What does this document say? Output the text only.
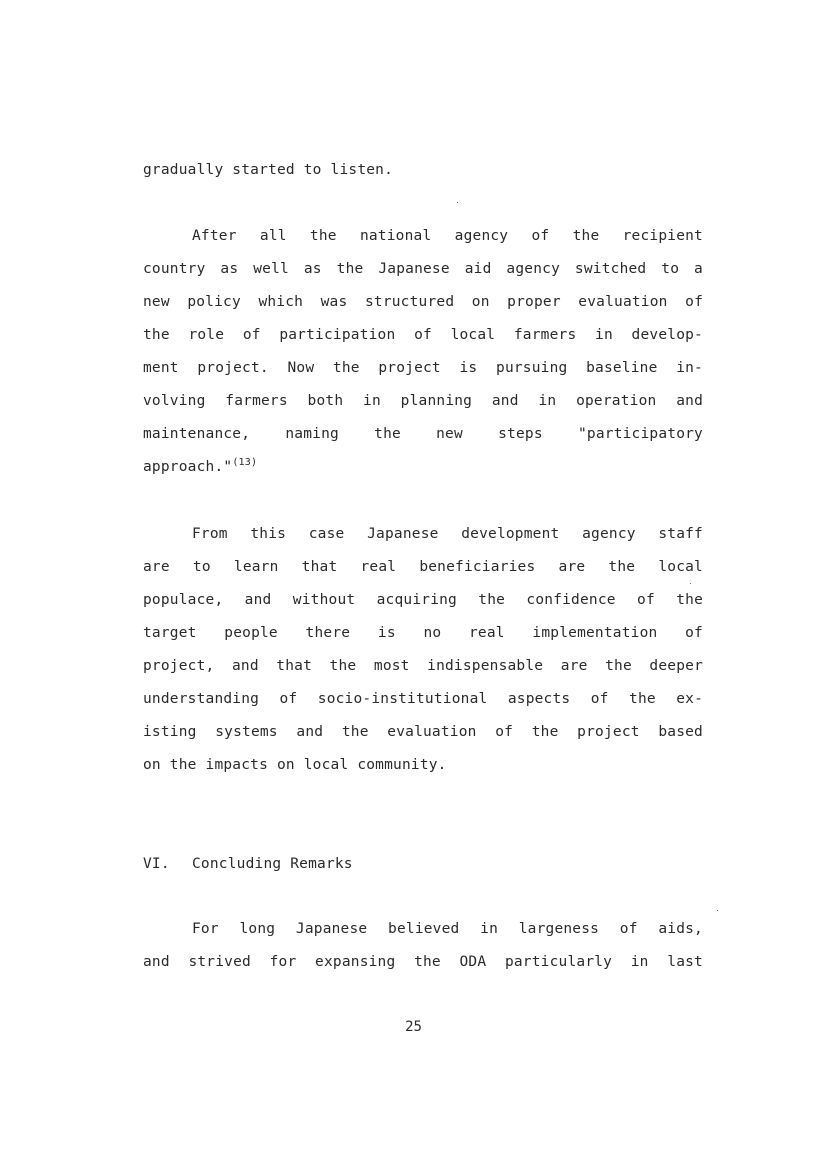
gradually started to listen.
After all the national agency of the recipient
country as well as the Japanese aid agency switched to a
new policy which was structured on proper evaluation of
the role of participation of local farmers in develop-
ment project. Now the project is pursuing baseline in-
volving farmers both in planning and in operation and
maintenance, naming the new steps "participatory
approach."$^{(13)}$
From this case Japanese development agency staff
are to learn that real beneficiaries are the local
populace, and without acquiring the confidence of the
target people there is no real implementation of
project, and that the most indispensable are the deeper
understanding of socio-institutional aspects of the ex-
isting systems and the evaluation of the project based
on the impacts on local community.
VI. Concluding Remarks
For long Japanese believed in largeness of aids,
and strived for expansing the ODA particularly in last
25
